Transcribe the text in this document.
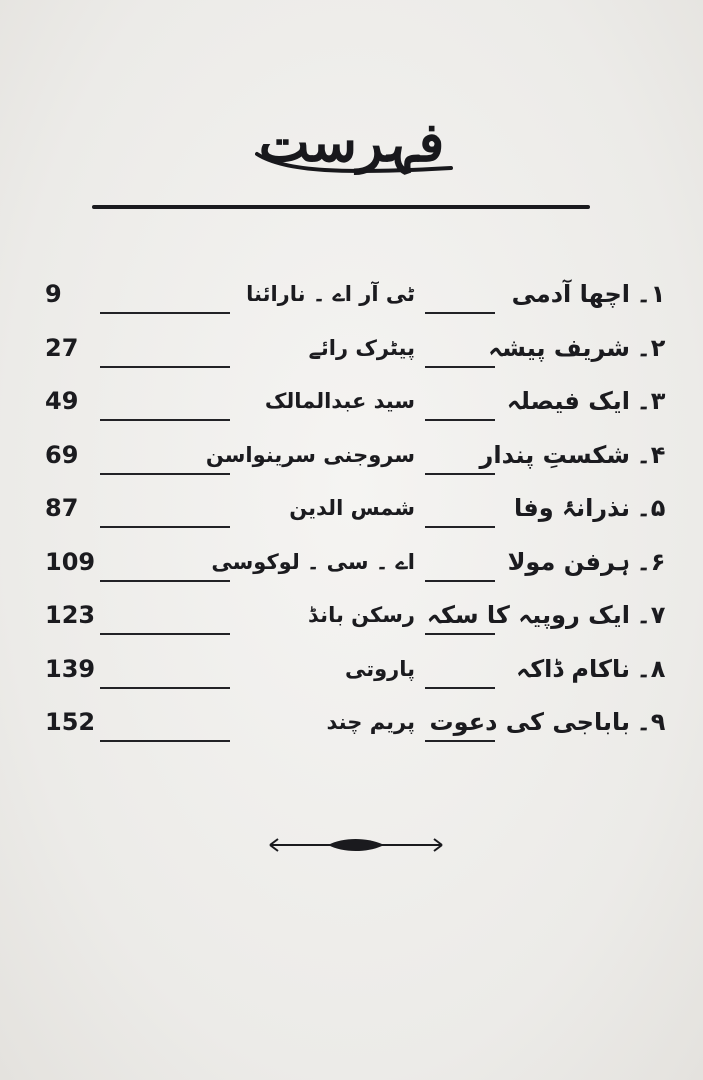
فہرست
۱۔
اچھا آدمی
ٹی آر اے ۔ نارائنا
9
۲۔
شریف پیشہ
پیٹرک رائے
27
۳۔
ایک فیصلہ
سید عبدالمالک
49
۴۔
شکستِ پندار
سروجنی سرینواسن
69
۵۔
نذرانۂ وفا
شمس الدین
87
۶۔
ہرفن مولا
اے ۔ سی ۔ لوکوسی
109
۷۔
ایک روپیہ کا سکہ
رسکن بانڈ
123
۸۔
ناکام ڈاکہ
پاروتی
139
۹۔
باباجی کی دعوت
پریم چند
152
